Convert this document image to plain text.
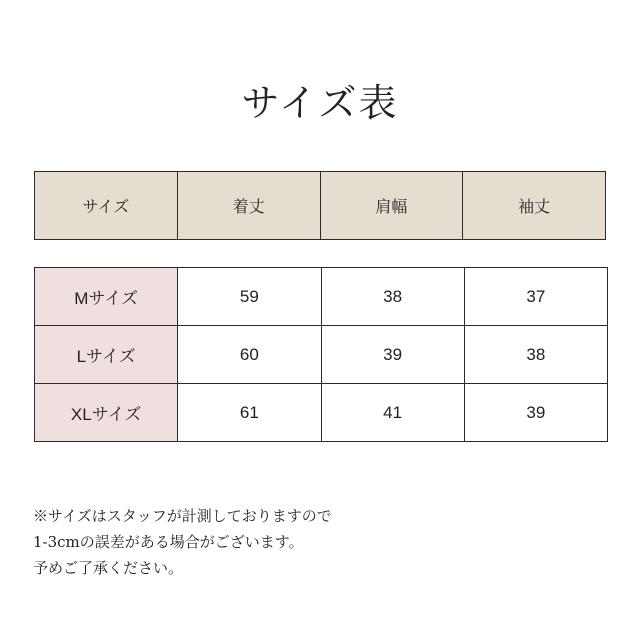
サイズ表
サイズ	着丈	肩幅	袖丈
Mサイズ	59	38	37
Lサイズ	60	39	38
XLサイズ	61	41	39
※サイズはスタッフが計測しておりますので
1-3cmの誤差がある場合がございます。
予めご了承ください。
